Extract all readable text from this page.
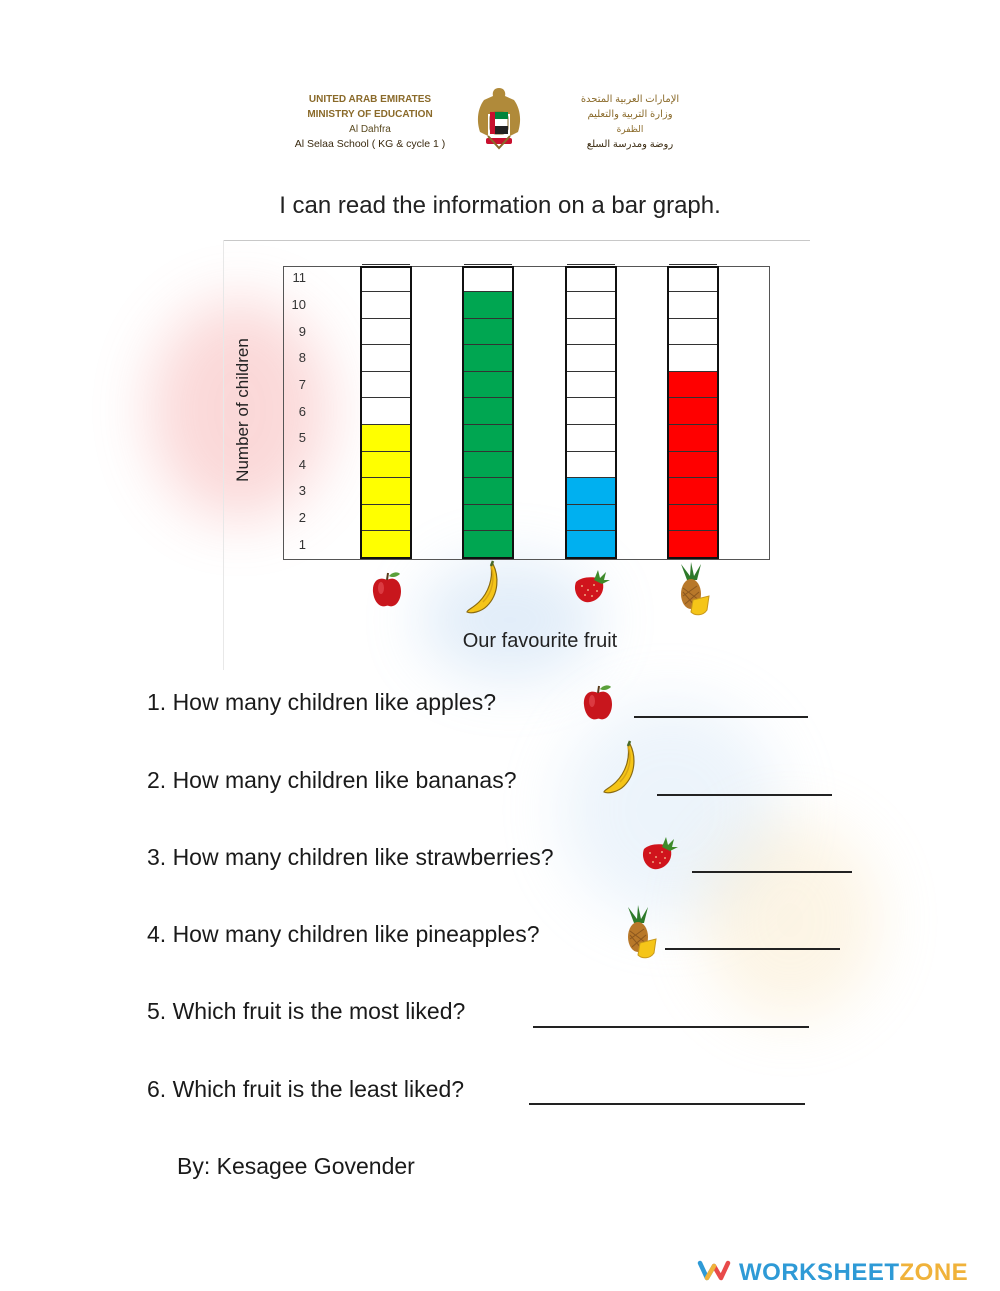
UNITED ARAB EMIRATES
MINISTRY OF EDUCATION
Al Dahfra
Al Selaa School ( KG & cycle 1 )
الإمارات العربية المتحدة
وزارة التربية والتعليم
الظفرة
روضة ومدرسة السلع
I can read the information on a bar graph.
Number of children
1
2
3
4
5
6
7
8
9
10
11
Our favourite fruit
1. How many children like apples?
2. How many children like bananas?
3. How many children like strawberries?
4. How many children like pineapples?
5. Which fruit is the most liked?
6. Which fruit is the least liked?
By: Kesagee Govender
WORKSHEETZONE
